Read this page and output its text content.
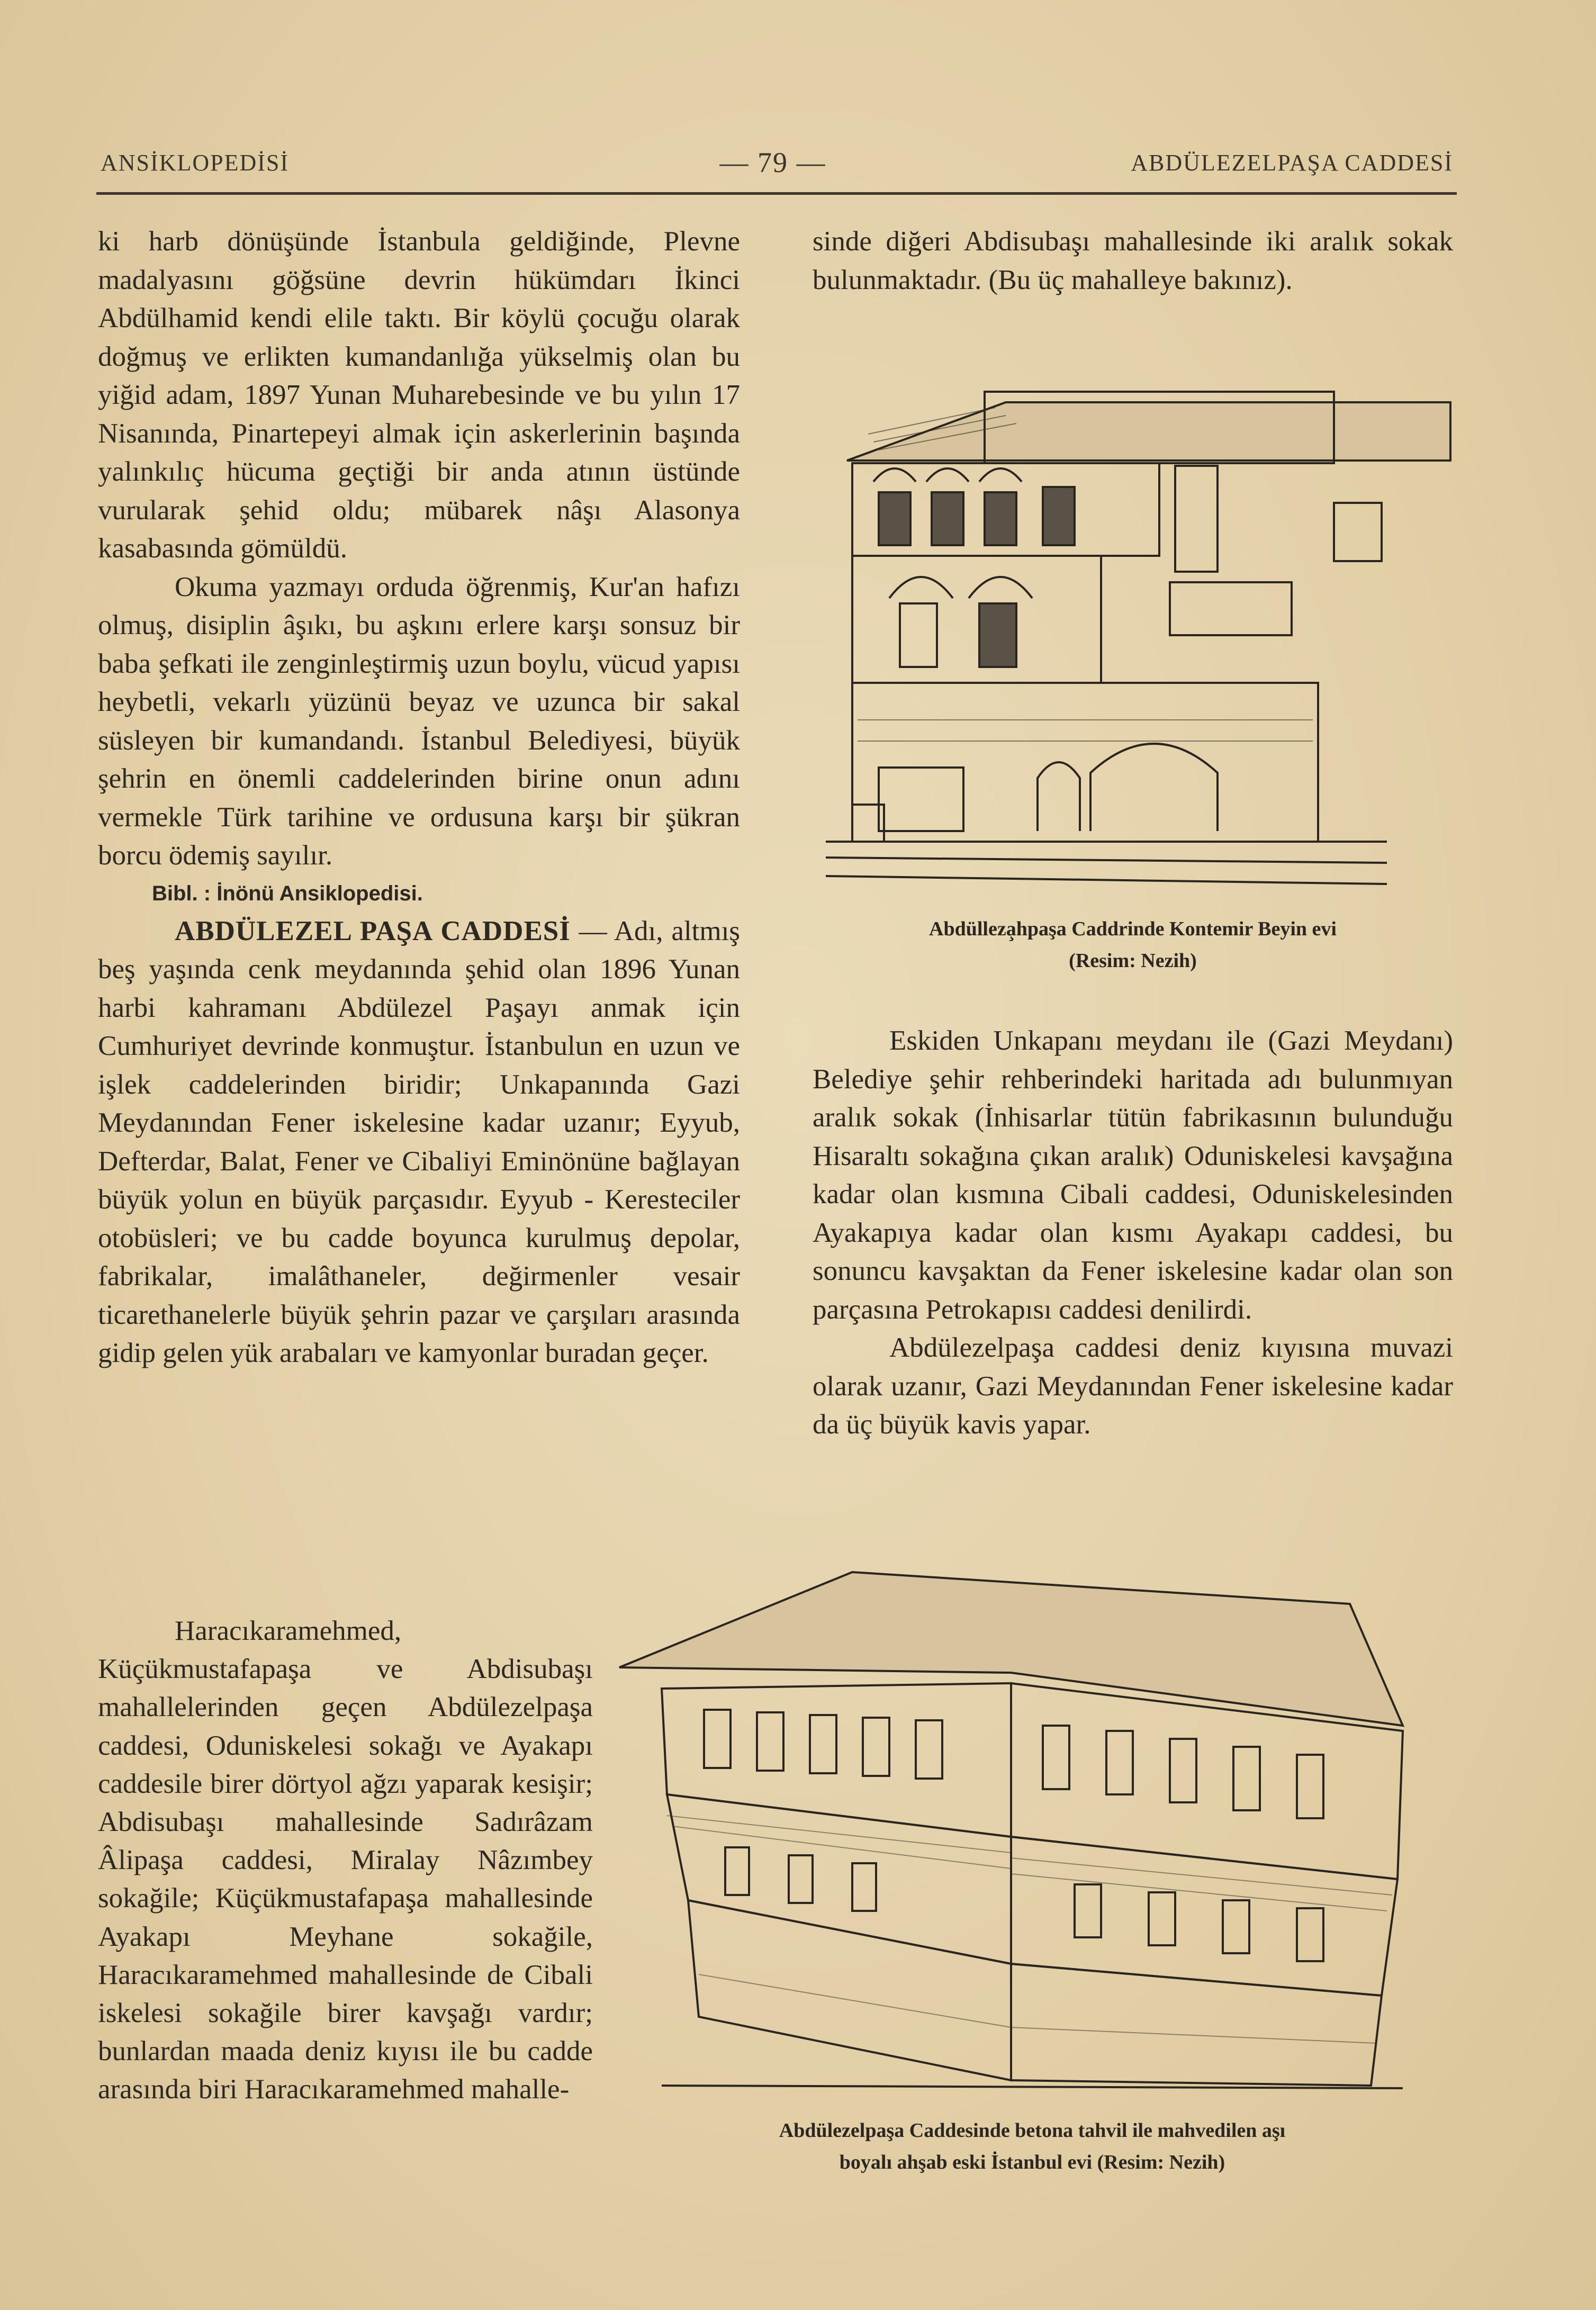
ANSİKLOPEDİSİ	— 79 —	ABDÜLEZELPAŞA CADDESİ

ki harb dönüşünde İstanbula geldiğinde, Plevne madalyasını göğsüne devrin hükümdarı İkinci Abdülhamid kendi elile taktı. Bir köylü çocuğu olarak doğmuş ve erlikten kumandanlığa yükselmiş olan bu yiğid adam, 1897 Yunan Muharebesinde ve bu yılın 17 Nisanında, Pinartepeyi almak için askerlerinin başında yalınkılıç hücuma geçtiği bir anda atının üstünde vurularak şehid oldu; mübarek nâşı Alasonya kasabasında gömüldü.

Okuma yazmayı orduda öğrenmiş, Kur'an hafızı olmuş, disiplin âşıkı, bu aşkını erlere karşı sonsuz bir baba şefkati ile zenginleştirmiş uzun boylu, vücud yapısı heybetli, vekarlı yüzünü beyaz ve uzunca bir sakal süsleyen bir kumandandı. İstanbul Belediyesi, büyük şehrin en önemli caddelerinden birine onun adını vermekle Türk tarihine ve ordusuna karşı bir şükran borcu ödemiş sayılır.

Bibl. : İnönü Ansiklopedisi.

ABDÜLEZEL PAŞA CADDESİ — Adı, altmış beş yaşında cenk meydanında şehid olan 1896 Yunan harbi kahramanı Abdülezel Paşayı anmak için Cumhuriyet devrinde konmuştur. İstanbulun en uzun ve işlek caddelerinden biridir; Unkapanında Gazi Meydanından Fener iskelesine kadar uzanır; Eyyub, Defterdar, Balat, Fener ve Cibaliyi Eminönüne bağlayan büyük yolun en büyük parçasıdır. Eyyub - Keresteciler otobüsleri; ve bu cadde boyunca kurulmuş depolar, fabrikalar, imalâthaneler, değirmenler vesair ticarethanelerle büyük şehrin pazar ve çarşıları arasında gidip gelen yük arabaları ve kamyonlar buradan geçer.

Haracıkaramehmed, Küçükmustafapaşa ve Abdisubaşı mahallelerinden geçen Abdülezelpaşa caddesi, Oduniskelesi sokağı ve Ayakapı caddesile birer dörtyol ağzı yaparak kesişir; Abdisubaşı mahallesinde Sadırâzam Âlipaşa caddesi, Miralay Nâzımbey sokağile; Küçükmustafapaşa mahallesinde Ayakapı Meyhane sokağile, Haracıkaramehmed mahallesinde de Cibali iskelesi sokağile birer kavşağı vardır; bunlardan maada deniz kıyısı ile bu cadde arasında biri Haracıkaramehmed mahalle-

sinde diğeri Abdisubaşı mahallesinde iki aralık sokak bulunmaktadır. (Bu üç mahalleye bakınız).

Abdülleza̧hpaşa Caddrinde Kontemir Beyin evi
(Resim: Nezih)

Eskiden Unkapanı meydanı ile (Gazi Meydanı) Belediye şehir rehberindeki haritada adı bulunmıyan aralık sokak (İnhisarlar tütün fabrikasının bulunduğu Hisaraltı sokağına çıkan aralık) Oduniskelesi kavşağına kadar olan kısmına Cibali caddesi, Oduniskelesinden Ayakapıya kadar olan kısmı Ayakapı caddesi, bu sonuncu kavşaktan da Fener iskelesine kadar olan son parçasına Petrokapısı caddesi denilirdi.

Abdülezelpaşa caddesi deniz kıyısına muvazi olarak uzanır, Gazi Meydanından Fener iskelesine kadar da üç büyük kavis yapar.

Abdülezelpaşa Caddesinde betona tahvil ile mahvedilen aşı
boyalı ahşab eski İstanbul evi (Resim: Nezih)
